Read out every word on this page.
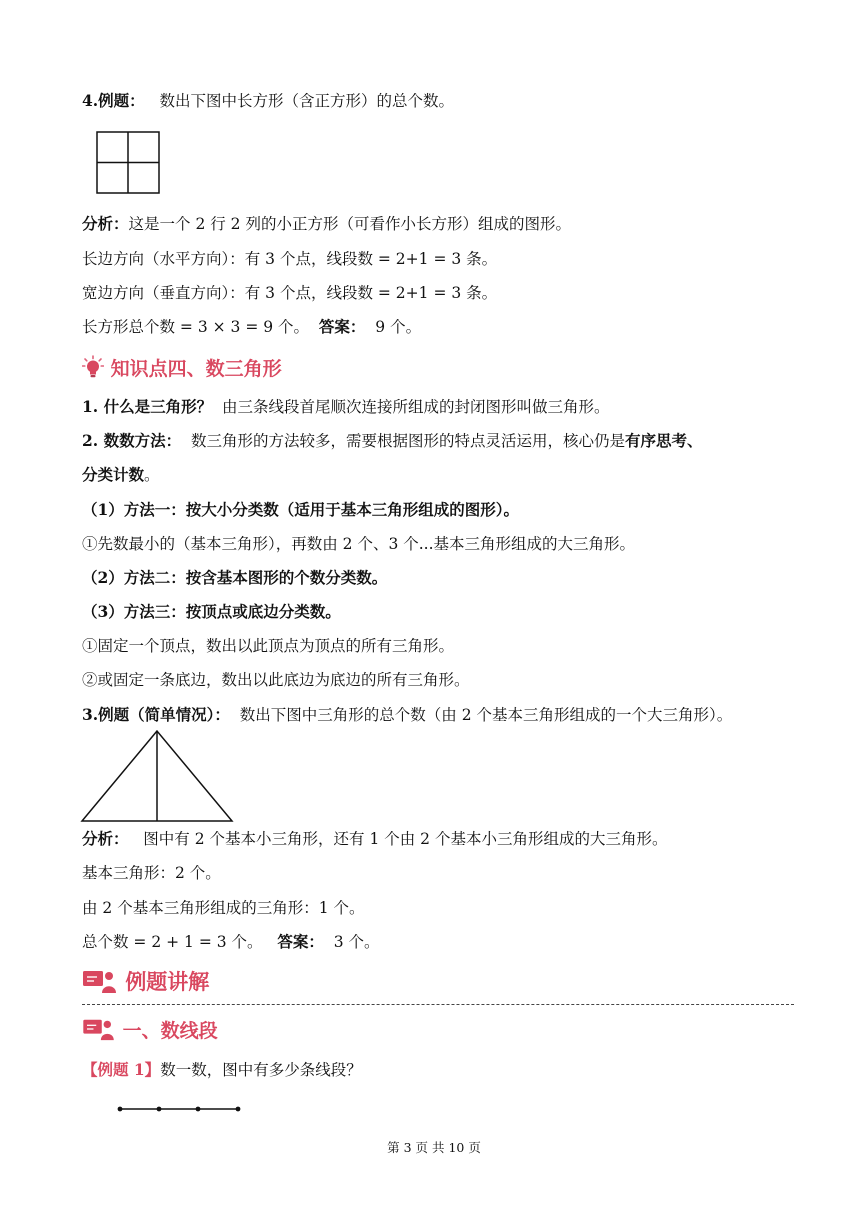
4.例题： 数出下图中长方形（含正方形）的总个数。
分析：这是一个 2 行 2 列的小正方形（可看作小长方形）组成的图形。
长边方向（水平方向）：有 3 个点，线段数 = 2+1 = 3 条。
宽边方向（垂直方向）：有 3 个点，线段数 = 2+1 = 3 条。
长方形总个数 = 3 × 3 = 9 个。 答案： 9 个。
知识点四、数三角形
1. 什么是三角形？ 由三条线段首尾顺次连接所组成的封闭图形叫做三角形。
2. 数数方法： 数三角形的方法较多，需要根据图形的特点灵活运用，核心仍是有序思考、
分类计数。
（1）方法一：按大小分类数（适用于基本三角形组成的图形）。
①先数最小的（基本三角形），再数由 2 个、3 个...基本三角形组成的大三角形。
（2）方法二：按含基本图形的个数分类数。
（3）方法三：按顶点或底边分类数。
①固定一个顶点，数出以此顶点为顶点的所有三角形。
②或固定一条底边，数出以此底边为底边的所有三角形。
3.例题（简单情况）： 数出下图中三角形的总个数（由 2 个基本三角形组成的一个大三角形）。
分析： 图中有 2 个基本小三角形，还有 1 个由 2 个基本小三角形组成的大三角形。
基本三角形：2 个。
由 2 个基本三角形组成的三角形：1 个。
总个数 = 2 + 1 = 3 个。 答案： 3 个。
例题讲解
一、数线段
【例题 1】数一数，图中有多少条线段？
第 3 页 共 10 页
